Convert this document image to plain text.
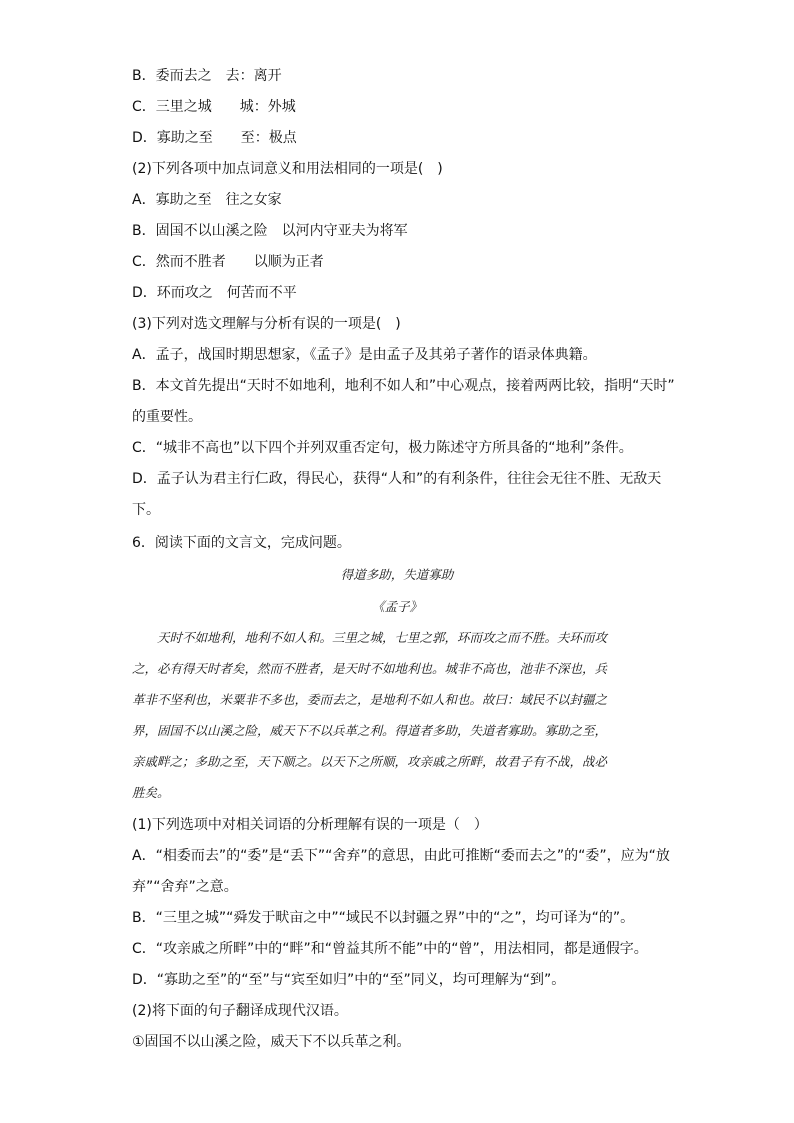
B．委而去之　去：离开
C．三里之城　　城：外城
D．寡助之至　　至：极点
(2)下列各项中加点词意义和用法相同的一项是(　)
A．寡助之至　往之女家
B．固国不以山溪之险　以河内守亚夫为将军
C．然而不胜者　　以顺为正者
D．环而攻之　何苦而不平
(3)下列对选文理解与分析有误的一项是(　)
A．孟子，战国时期思想家，《孟子》是由孟子及其弟子著作的语录体典籍。
B．本文首先提出“天时不如地利，地利不如人和”中心观点，接着两两比较，指明“天时”
的重要性。
C．“城非不高也”以下四个并列双重否定句，极力陈述守方所具备的“地利”条件。
D．孟子认为君主行仁政，得民心，获得“人和”的有利条件，往往会无往不胜、无敌天
下。
6．阅读下面的文言文，完成问题。
得道多助，失道寡助
《孟子》
　　天时不如地利，地利不如人和。三里之城，七里之郭，环而攻之而不胜。夫环而攻
之，必有得天时者矣，然而不胜者，是天时不如地利也。城非不高也，池非不深也，兵
革非不坚利也，米粟非不多也，委而去之，是地利不如人和也。故曰：域民不以封疆之
界，固国不以山溪之险，威天下不以兵革之利。得道者多助，失道者寡助。寡助之至，
亲戚畔之；多助之至，天下顺之。以天下之所顺，攻亲戚之所畔，故君子有不战，战必
胜矣。
(1)下列选项中对相关词语的分析理解有误的一项是（　）
A．“相委而去”的“委”是“丢下”“舍弃”的意思，由此可推断“委而去之”的“委”，应为“放
弃”“舍弃”之意。
B．“三里之城”“舜发于畎亩之中”“域民不以封疆之界”中的“之”，均可译为“的”。
C．“攻亲戚之所畔”中的“畔”和“曾益其所不能”中的“曾”，用法相同，都是通假字。
D．“寡助之至”的“至”与“宾至如归”中的“至”同义，均可理解为“到”。
(2)将下面的句子翻译成现代汉语。
①固国不以山溪之险，威天下不以兵革之利。
